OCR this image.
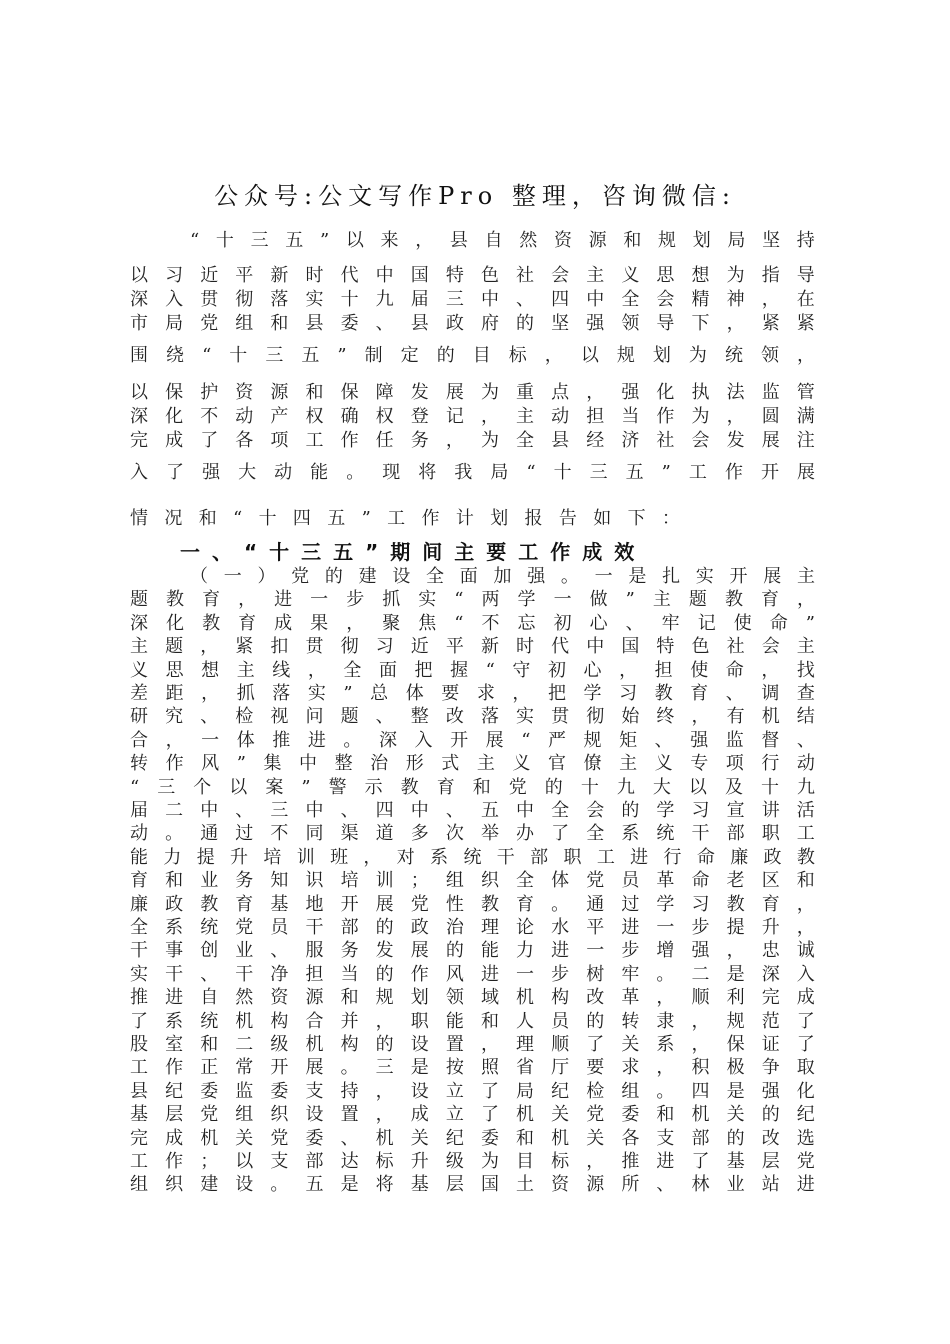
公众号:公文写作Pro 整理，咨询微信:
“ 十 三 五 ” 以 来 ， 县 自 然 资 源 和 规 划 局 坚 持
以 习 近 平 新 时 代 中 国 特 色 社 会 主 义 思 想 为 指 导
深 入 贯 彻 落 实 十 九 届 三 中 、 四 中 全 会 精 神 ， 在
市 局 党 组 和 县 委 、 县 政 府 的 坚 强 领 导 下 ， 紧 紧
围 绕 “ 十 三 五 ” 制 定 的 目 标 ， 以 规 划 为 统 领 ，
以 保 护 资 源 和 保 障 发 展 为 重 点 ， 强 化 执 法 监 管
深 化 不 动 产 权 确 权 登 记 ， 主 动 担 当 作 为 ， 圆 满
完 成 了 各 项 工 作 任 务 ， 为 全 县 经 济 社 会 发 展 注
入 了 强 大 动 能 。 现 将 我 局 “ 十 三 五 ” 工 作 开 展
情 况 和 “ 十 四 五 ” 工 作 计 划 报 告 如 下 ：
一、“十三五”期间主要工作成效
（ 一 ） 党 的 建 设 全 面 加 强 。 一 是 扎 实 开 展 主
题 教 育 ， 进 一 步 抓 实 “ 两 学 一 做 ” 主 题 教 育 ，
深 化 教 育 成 果 ， 聚 焦 “ 不 忘 初 心 、 牢 记 使 命 ”
主 题 ， 紧 扣 贯 彻 习 近 平 新 时 代 中 国 特 色 社 会 主
义 思 想 主 线 ， 全 面 把 握 “ 守 初 心 ， 担 使 命 ， 找
差 距 ， 抓 落 实 ” 总 体 要 求 ， 把 学 习 教 育 、 调 查
研 究 、 检 视 问 题 、 整 改 落 实 贯 彻 始 终 ， 有 机 结
合 ， 一 体 推 进 。 深 入 开 展 “ 严 规 矩 、 强 监 督 、
转 作 风 ” 集 中 整 治 形 式 主 义 官 僚 主 义 专 项 行 动
“ 三 个 以 案 ” 警 示 教 育 和 党 的 十 九 大 以 及 十 九
届 二 中 、 三 中 、 四 中 、 五 中 全 会 的 学 习 宣 讲 活
动 。 通 过 不 同 渠 道 多 次 举 办 了 全 系 统 干 部 职 工
能 力 提 升 培 训 班 ， 对 系 统 干 部 职 工 进 行 命 廉 政 教
育 和 业 务 知 识 培 训 ； 组 织 全 体 党 员 革 命 老 区 和
廉 政 教 育 基 地 开 展 党 性 教 育 。 通 过 学 习 教 育 ，
全 系 统 党 员 干 部 的 政 治 理 论 水 平 进 一 步 提 升 ，
干 事 创 业 、 服 务 发 展 的 能 力 进 一 步 增 强 ， 忠 诚
实 干 、 干 净 担 当 的 作 风 进 一 步 树 牢 。 二 是 深 入
推 进 自 然 资 源 和 规 划 领 域 机 构 改 革 ， 顺 利 完 成
了 系 统 机 构 合 并 ， 职 能 和 人 员 的 转 隶 ， 规 范 了
股 室 和 二 级 机 构 的 设 置 ， 理 顺 了 关 系 ， 保 证 了
工 作 正 常 开 展 。 三 是 按 照 省 厅 要 求 ， 积 极 争 取
县 纪 委 监 委 支 持 ， 设 立 了 局 纪 检 组 。 四 是 强 化
基 层 党 组 织 设 置 ， 成 立 了 机 关 党 委 和 机 关 的 纪
完 成 机 关 党 委 、 机 关 纪 委 和 机 关 各 支 部 的 改 选
工 作 ； 以 支 部 达 标 升 级 为 目 标 ， 推 进 了 基 层 党
组 织 建 设 。 五 是 将 基 层 国 土 资 源 所 、 林 业 站 进
